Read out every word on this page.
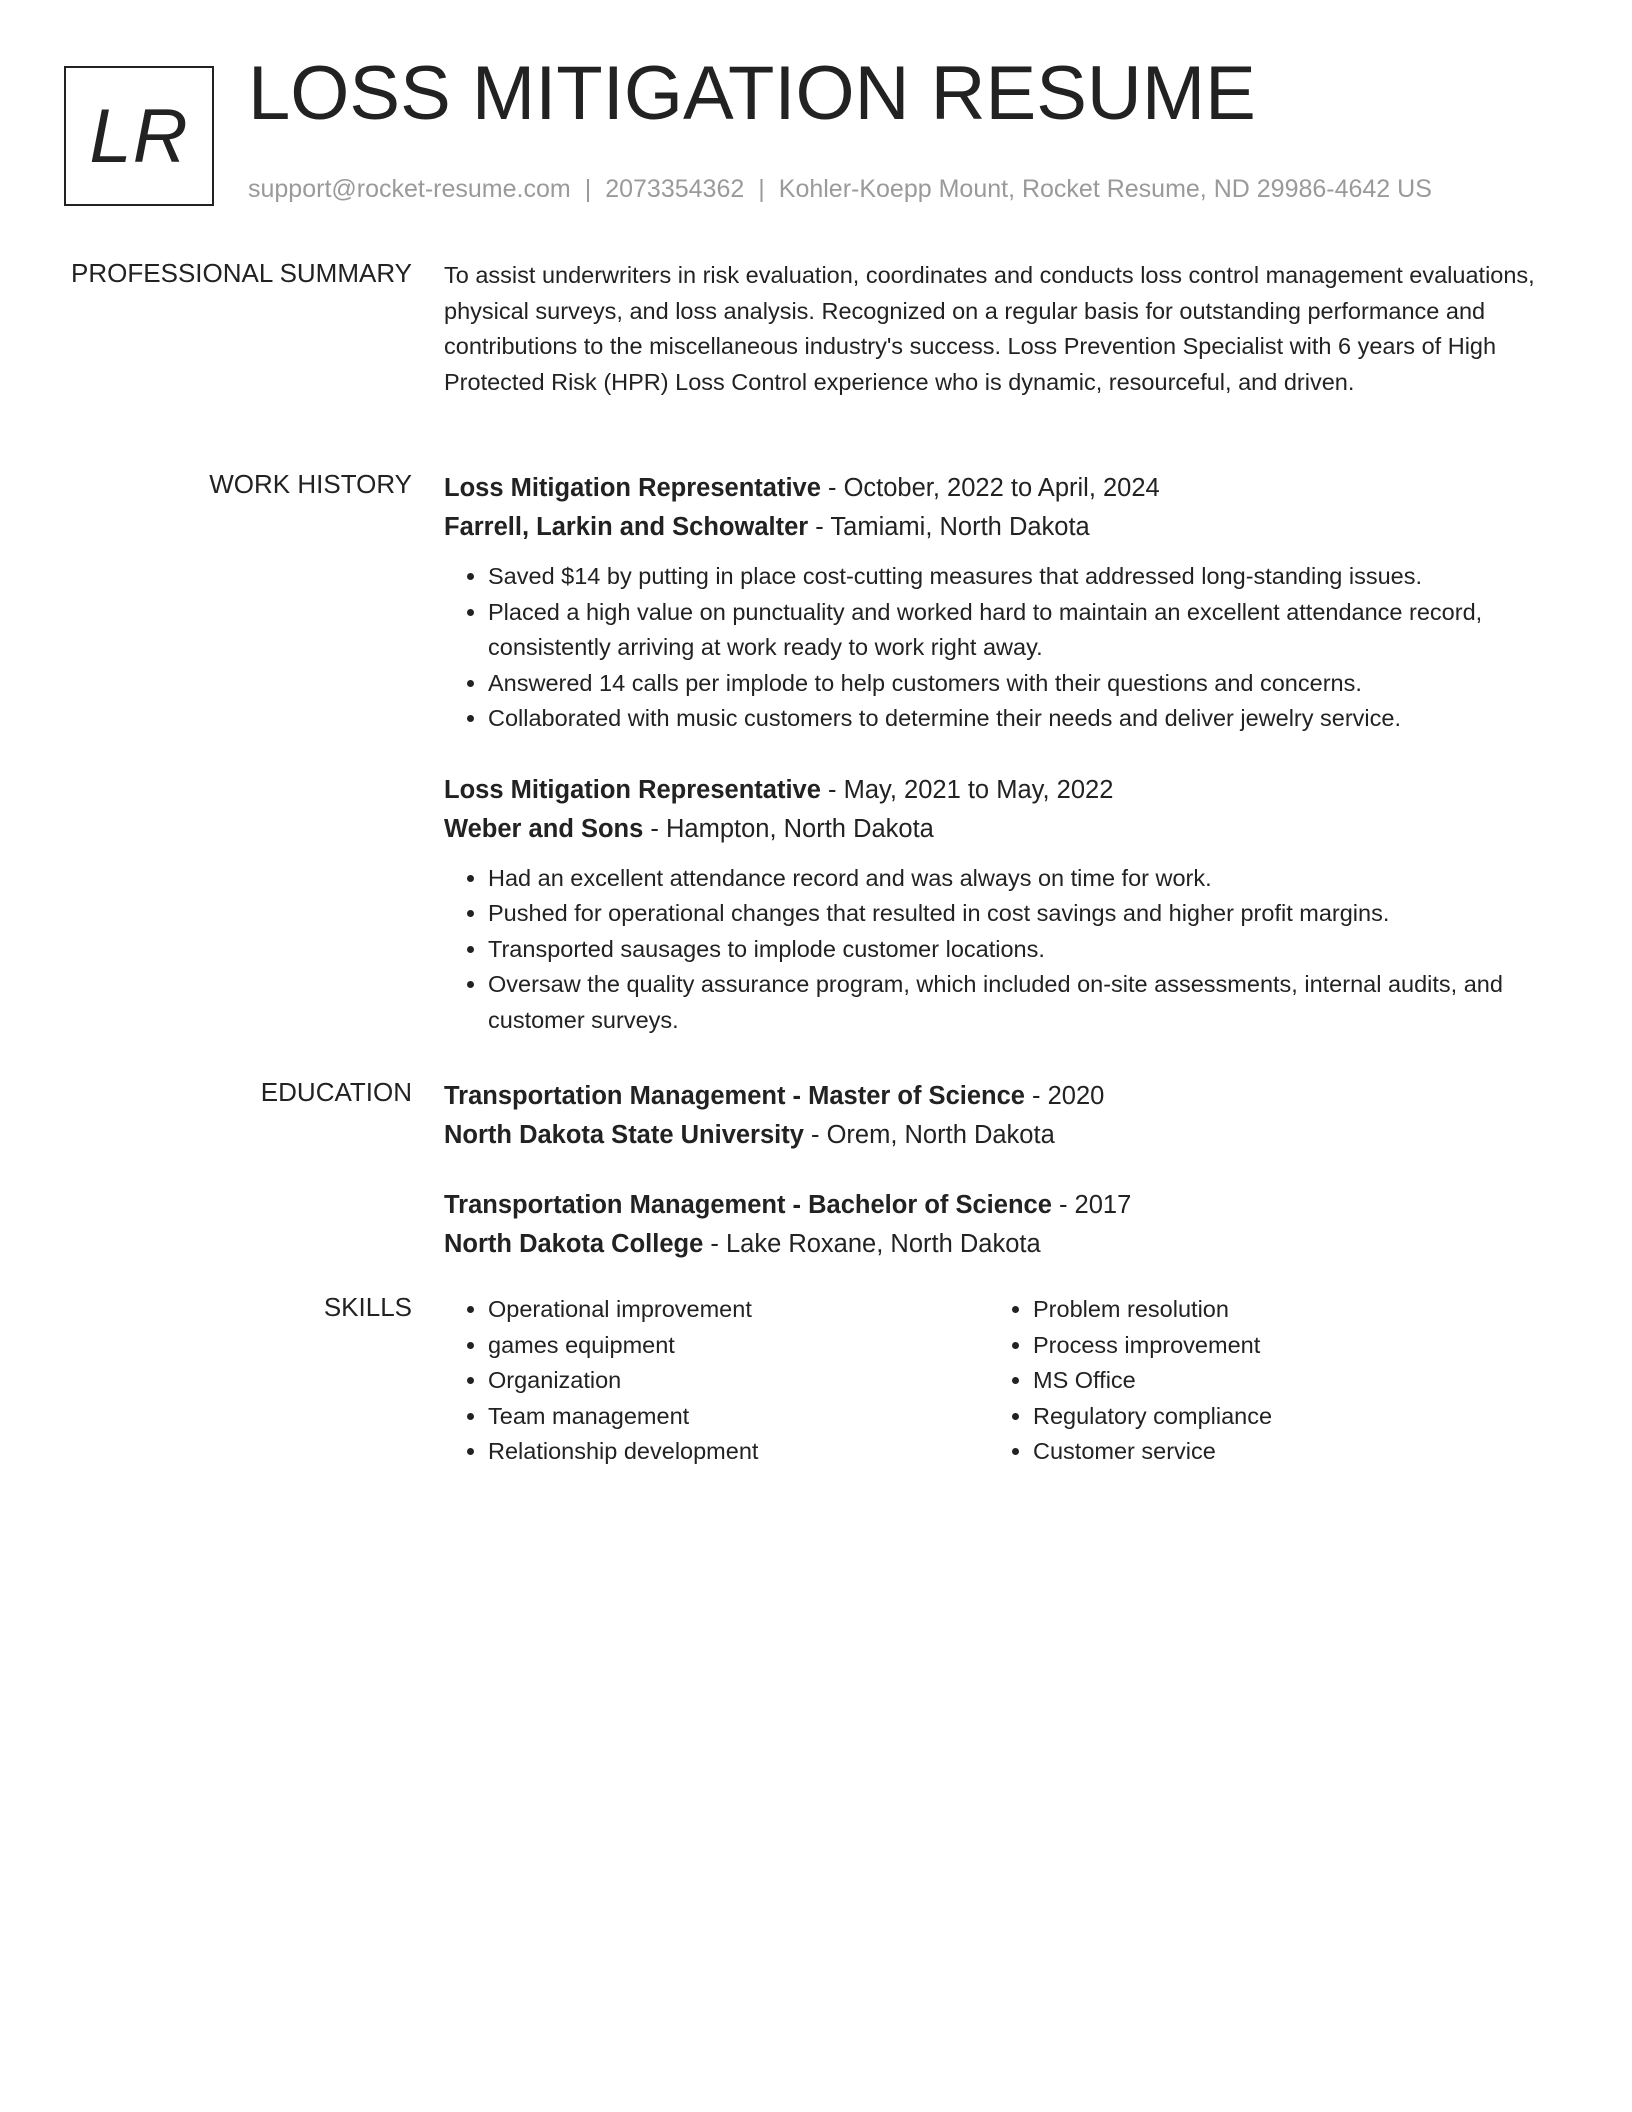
LR LOSS MITIGATION RESUME
support@rocket-resume.com | 2073354362 | Kohler-Koepp Mount, Rocket Resume, ND 29986-4642 US
PROFESSIONAL SUMMARY To assist underwriters in risk evaluation, coordinates and conducts loss control management evaluations, physical surveys, and loss analysis. Recognized on a regular basis for outstanding performance and contributions to the miscellaneous industry's success. Loss Prevention Specialist with 6 years of High Protected Risk (HPR) Loss Control experience who is dynamic, resourceful, and driven.

WORK HISTORY Loss Mitigation Representative - October, 2022 to April, 2024
Farrell, Larkin and Schowalter - Tamiami, North Dakota
• Saved $14 by putting in place cost-cutting measures that addressed long-standing issues.
• Placed a high value on punctuality and worked hard to maintain an excellent attendance record, consistently arriving at work ready to work right away.
• Answered 14 calls per implode to help customers with their questions and concerns.
• Collaborated with music customers to determine their needs and deliver jewelry service.
Loss Mitigation Representative - May, 2021 to May, 2022
Weber and Sons - Hampton, North Dakota
• Had an excellent attendance record and was always on time for work.
• Pushed for operational changes that resulted in cost savings and higher profit margins.
• Transported sausages to implode customer locations.
• Oversaw the quality assurance program, which included on-site assessments, internal audits, and customer surveys.
EDUCATION Transportation Management - Master of Science - 2020
North Dakota State University - Orem, North Dakota
Transportation Management - Bachelor of Science - 2017
North Dakota College - Lake Roxane, North Dakota
SKILLS
•	Operational improvement
• games equipment
• Organization
• Team management
• Relationship development
• Problem resolution
• Process improvement
• MS Office
• Regulatory compliance
• Customer service
